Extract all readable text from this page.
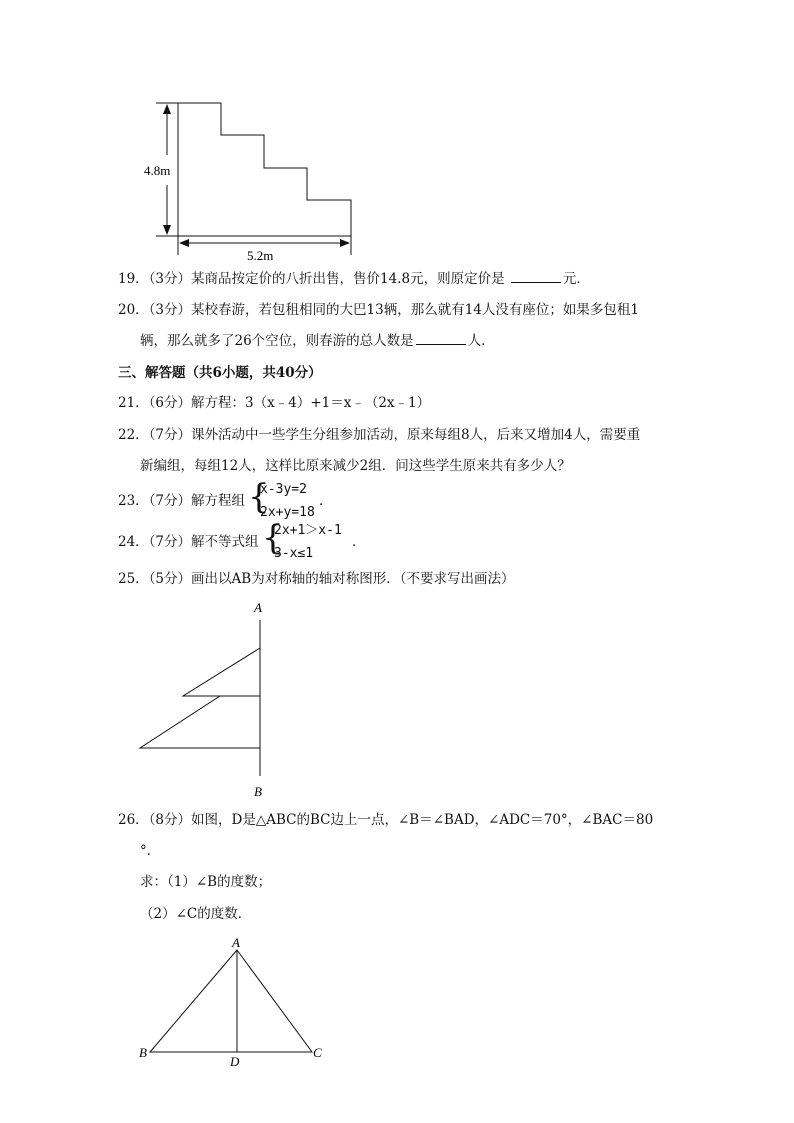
4.8m
5.2m
19．（3分）某商品按定价的八折出售，售价14.8元，则原定价是	元．
20．（3分）某校春游，若包租相同的大巴13辆，那么就有14人没有座位；如果多包租1
辆，那么就多了26个空位，则春游的总人数是	人．
三、解答题（共6小题，共40分）
21．（6分）解方程：3（x﹣4）+1＝x﹣（2x﹣1）
22．（7分）课外活动中一些学生分组参加活动，原来每组8人，后来又增加4人，需要重
新编组，每组12人，这样比原来减少2组．问这些学生原来共有多少人？
23．（7分）解方程组 {
x-3y=2
2x+y=18
．
24．（7分）解不等式组 {
2x+1＞x-1
3-x≤1
．
25．（5分）画出以AB为对称轴的轴对称图形．（不要求写出画法）
A
B
26．（8分）如图，D是△ABC的BC边上一点，∠B＝∠BAD，∠ADC＝70°，∠BAC＝80
°．
求：（1）∠B的度数；
（2）∠C的度数．
A
B	C
D
